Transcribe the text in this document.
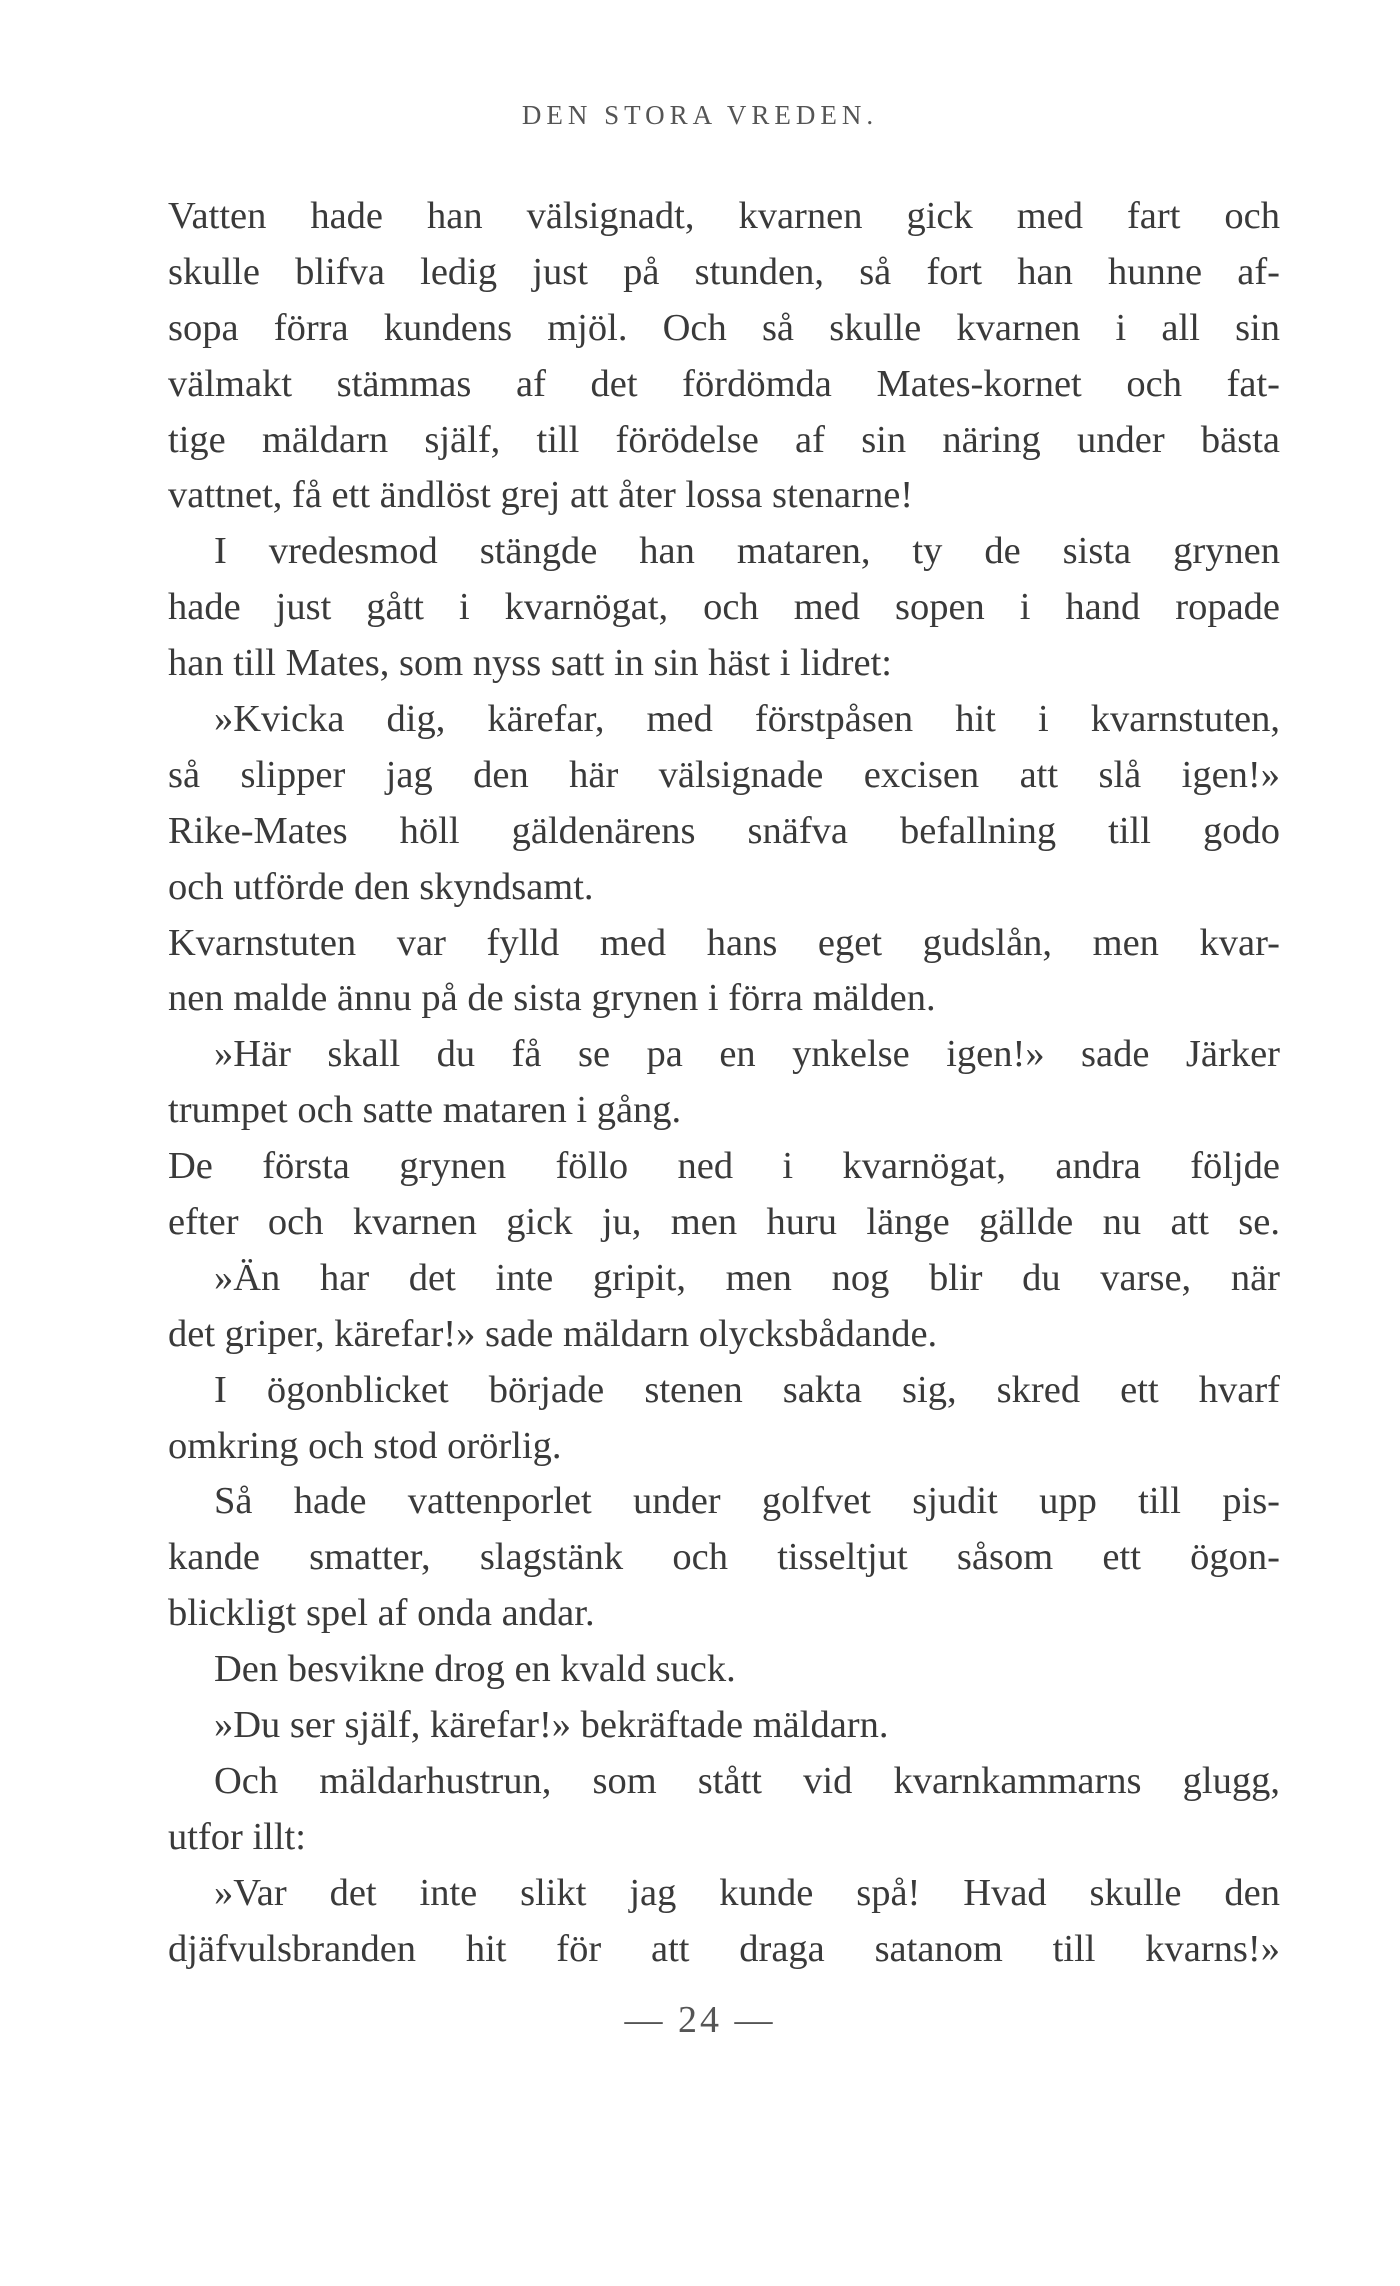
DEN STORA VREDEN.
Vatten hade han välsignadt, kvarnen gick med fart och
skulle blifva ledig just på stunden, så fort han hunne af-
sopa förra kundens mjöl. Och så skulle kvarnen i all sin
välmakt stämmas af det fördömda Mates-kornet och fat-
tige mäldarn själf, till förödelse af sin näring under bästa
vattnet, få ett ändlöst grej att åter lossa stenarne!
I vredesmod stängde han mataren, ty de sista grynen
hade just gått i kvarnögat, och med sopen i hand ropade
han till Mates, som nyss satt in sin häst i lidret:
»Kvicka dig, kärefar, med förstpåsen hit i kvarnstuten,
så slipper jag den här välsignade excisen att slå igen!»
Rike-Mates höll gäldenärens snäfva befallning till godo
och utförde den skyndsamt.
Kvarnstuten var fylld med hans eget gudslån, men kvar-
nen malde ännu på de sista grynen i förra mälden.
»Här skall du få se pa en ynkelse igen!» sade Järker
trumpet och satte mataren i gång.
De första grynen föllo ned i kvarnögat, andra följde
efter och kvarnen gick ju, men huru länge gällde nu att se.
»Än har det inte gripit, men nog blir du varse, när
det griper, kärefar!» sade mäldarn olycksbådande.
I ögonblicket började stenen sakta sig, skred ett hvarf
omkring och stod orörlig.
Så hade vattenporlet under golfvet sjudit upp till pis-
kande smatter, slagstänk och tisseltjut såsom ett ögon-
blickligt spel af onda andar.
Den besvikne drog en kvald suck.
»Du ser själf, kärefar!» bekräftade mäldarn.
Och mäldarhustrun, som stått vid kvarnkammarns glugg,
utfor illt:
»Var det inte slikt jag kunde spå! Hvad skulle den
djäfvulsbranden hit för att draga satanom till kvarns!»
— 24 —
